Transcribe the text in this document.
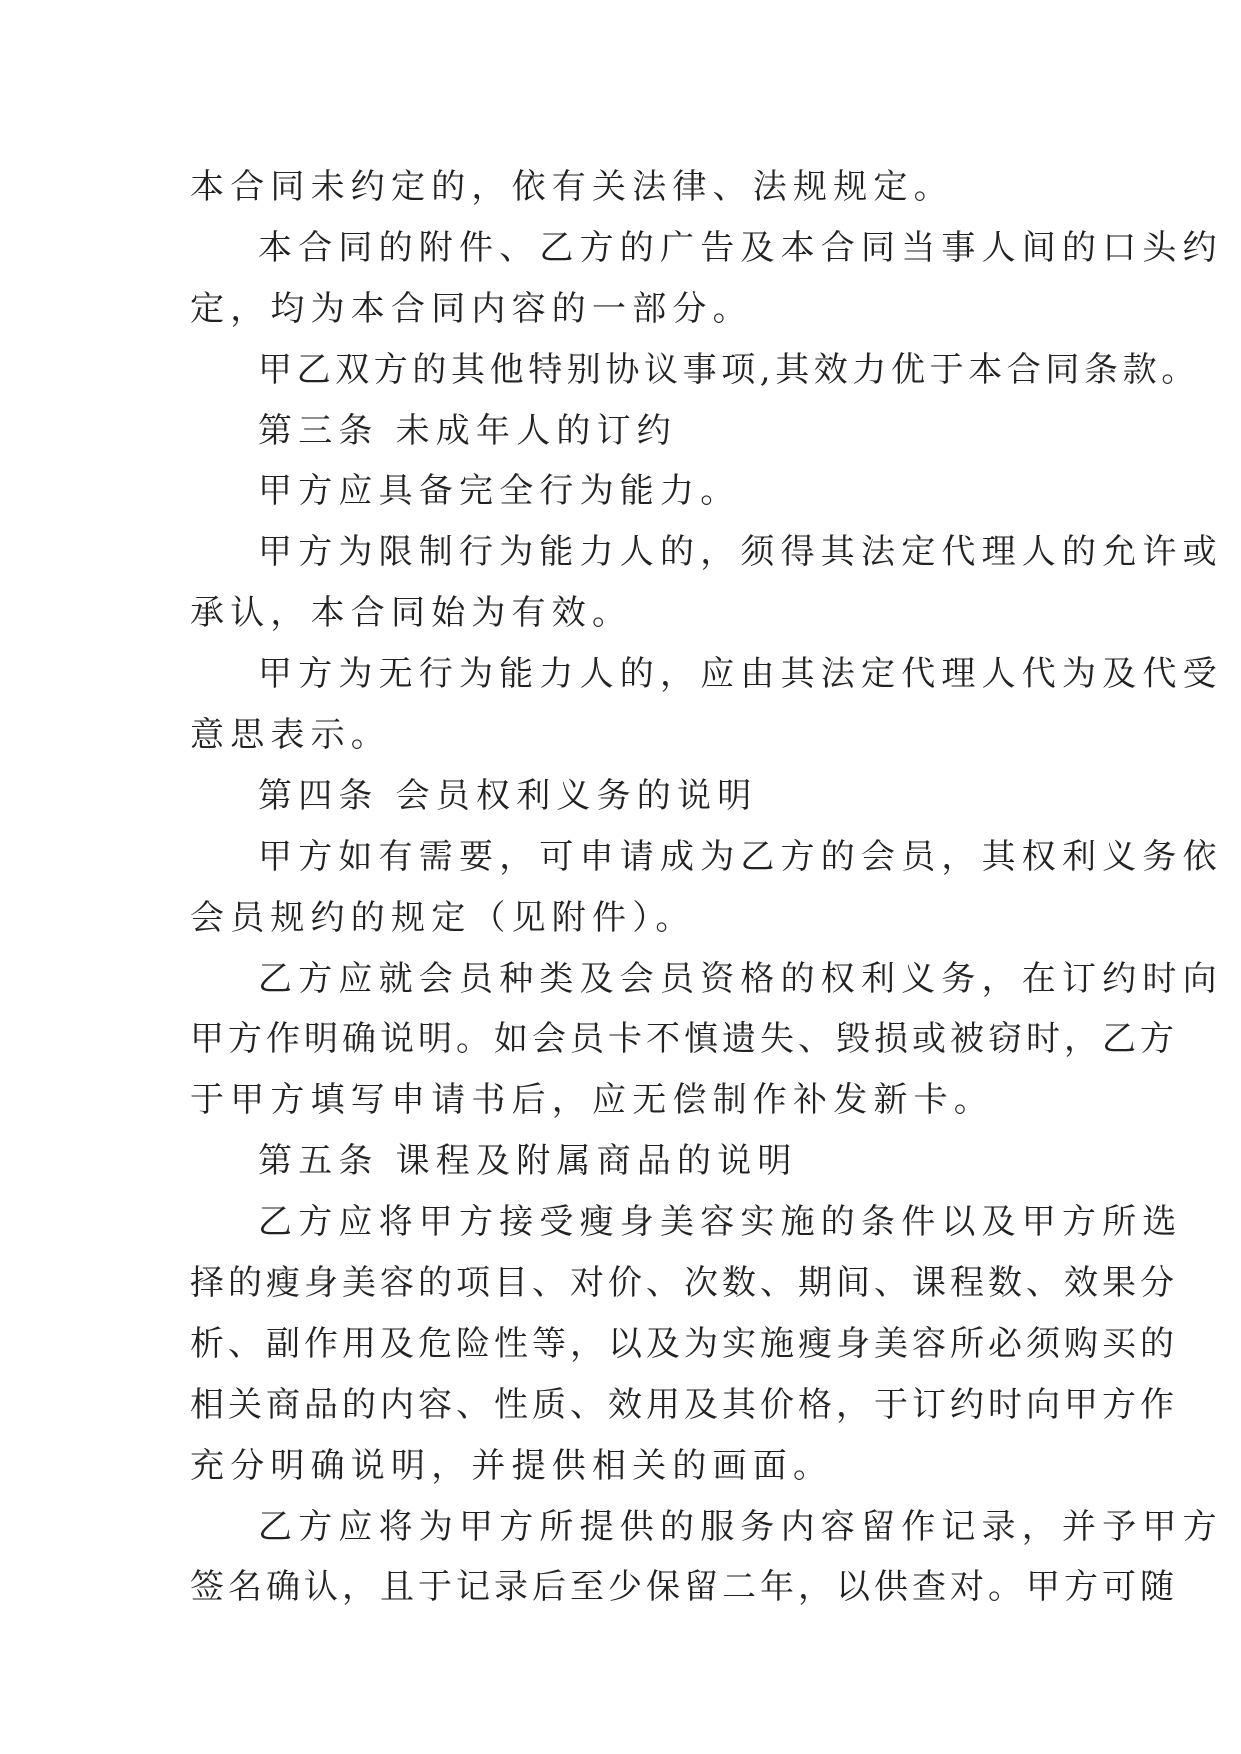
本合同未约定的，依有关法律、法规规定。
本合同的附件、乙方的广告及本合同当事人间的口头约
定，均为本合同内容的一部分。
甲乙双方的其他特别协议事项,其效力优于本合同条款。
第三条 未成年人的订约
甲方应具备完全行为能力。
甲方为限制行为能力人的，须得其法定代理人的允许或
承认，本合同始为有效。
甲方为无行为能力人的，应由其法定代理人代为及代受
意思表示。
第四条 会员权利义务的说明
甲方如有需要，可申请成为乙方的会员，其权利义务依
会员规约的规定（见附件）。
乙方应就会员种类及会员资格的权利义务，在订约时向
甲方作明确说明。如会员卡不慎遗失、毁损或被窃时，乙方
于甲方填写申请书后，应无偿制作补发新卡。
第五条 课程及附属商品的说明
乙方应将甲方接受瘦身美容实施的条件以及甲方所选
择的瘦身美容的项目、对价、次数、期间、课程数、效果分
析、副作用及危险性等，以及为实施瘦身美容所必须购买的
相关商品的内容、性质、效用及其价格，于订约时向甲方作
充分明确说明，并提供相关的画面。
乙方应将为甲方所提供的服务内容留作记录，并予甲方
签名确认，且于记录后至少保留二年，以供查对。甲方可随
